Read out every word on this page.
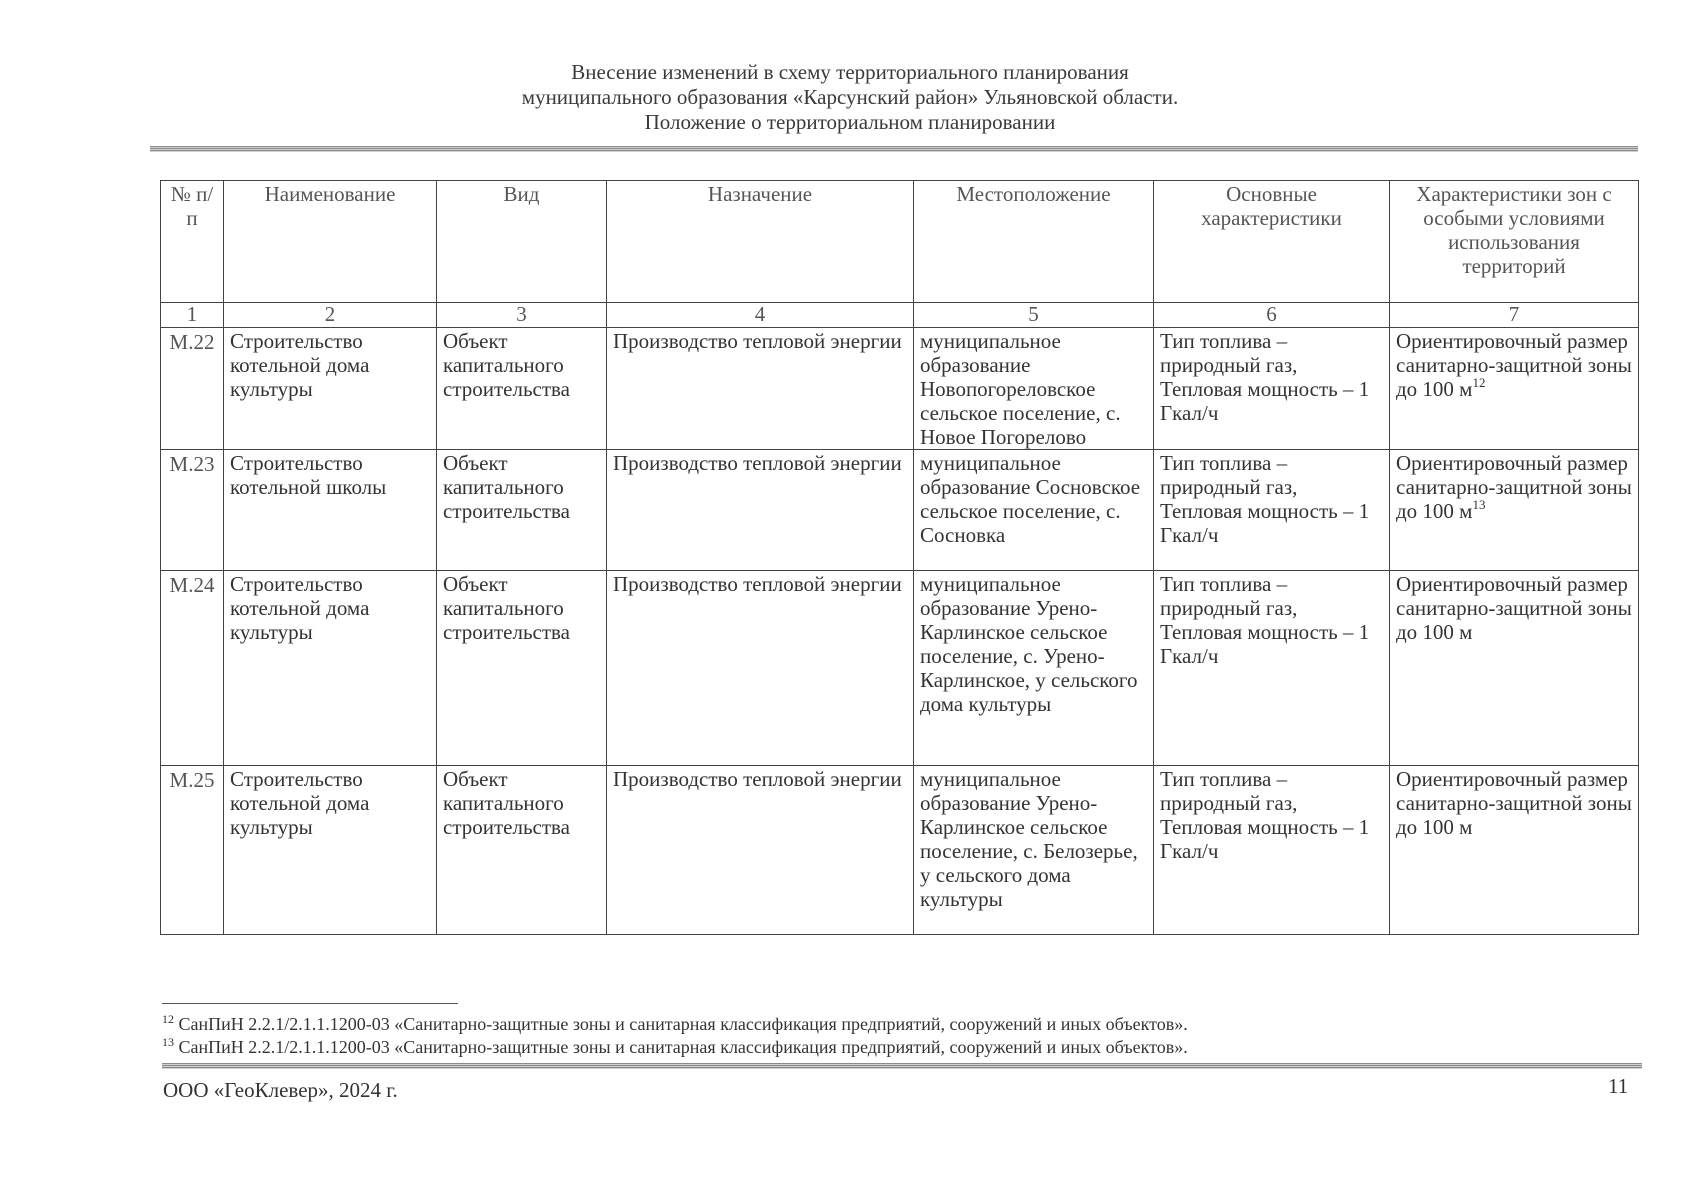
Внесение изменений в схему территориального планирования
муниципального образования «Карсунский район» Ульяновской области.
Положение о территориальном планировании
№ п/п	Наименование	Вид	Назначение	Местоположение	Основные характеристики	Характеристики зон с особыми условиями использования территорий
1	2	3	4	5	6	7
М.22	Строительство котельной дома культуры	Объект капитального строительства	Производство тепловой энергии	муниципальное образование Новопогореловское сельское поселение, с. Новое Погорелово	Тип топлива – природный газ, Тепловая мощность – 1 Гкал/ч	Ориентировочный размер санитарно-защитной зоны до 100 $м^{12}$
М.23	Строительство котельной школы	Объект капитального строительства	Производство тепловой энергии	муниципальное образование Сосновское сельское поселение, с. Сосновка	Тип топлива – природный газ, Тепловая мощность – 1 Гкал/ч	Ориентировочный размер санитарно-защитной зоны до 100 $м^{13}$
М.24	Строительство котельной дома культуры	Объект капитального строительства	Производство тепловой энергии	муниципальное образование Урено-Карлинское сельское поселение, с. Урено-Карлинское, у сельского дома культуры	Тип топлива – природный газ, Тепловая мощность – 1 Гкал/ч	Ориентировочный размер санитарно-защитной зоны до 100 м
М.25	Строительство котельной дома культуры	Объект капитального строительства	Производство тепловой энергии	муниципальное образование Урено-Карлинское сельское поселение, с. Белозерье, у сельского дома культуры	Тип топлива – природный газ, Тепловая мощность – 1 Гкал/ч	Ориентировочный размер санитарно-защитной зоны до 100 м
$^{12}$ СанПиН 2.2.1/2.1.1.1200-03 «Санитарно-защитные зоны и санитарная классификация предприятий, сооружений и иных объектов».
$^{13}$ СанПиН 2.2.1/2.1.1.1200-03 «Санитарно-защитные зоны и санитарная классификация предприятий, сооружений и иных объектов».
ООО «ГеоКлевер», 2024 г.	11
